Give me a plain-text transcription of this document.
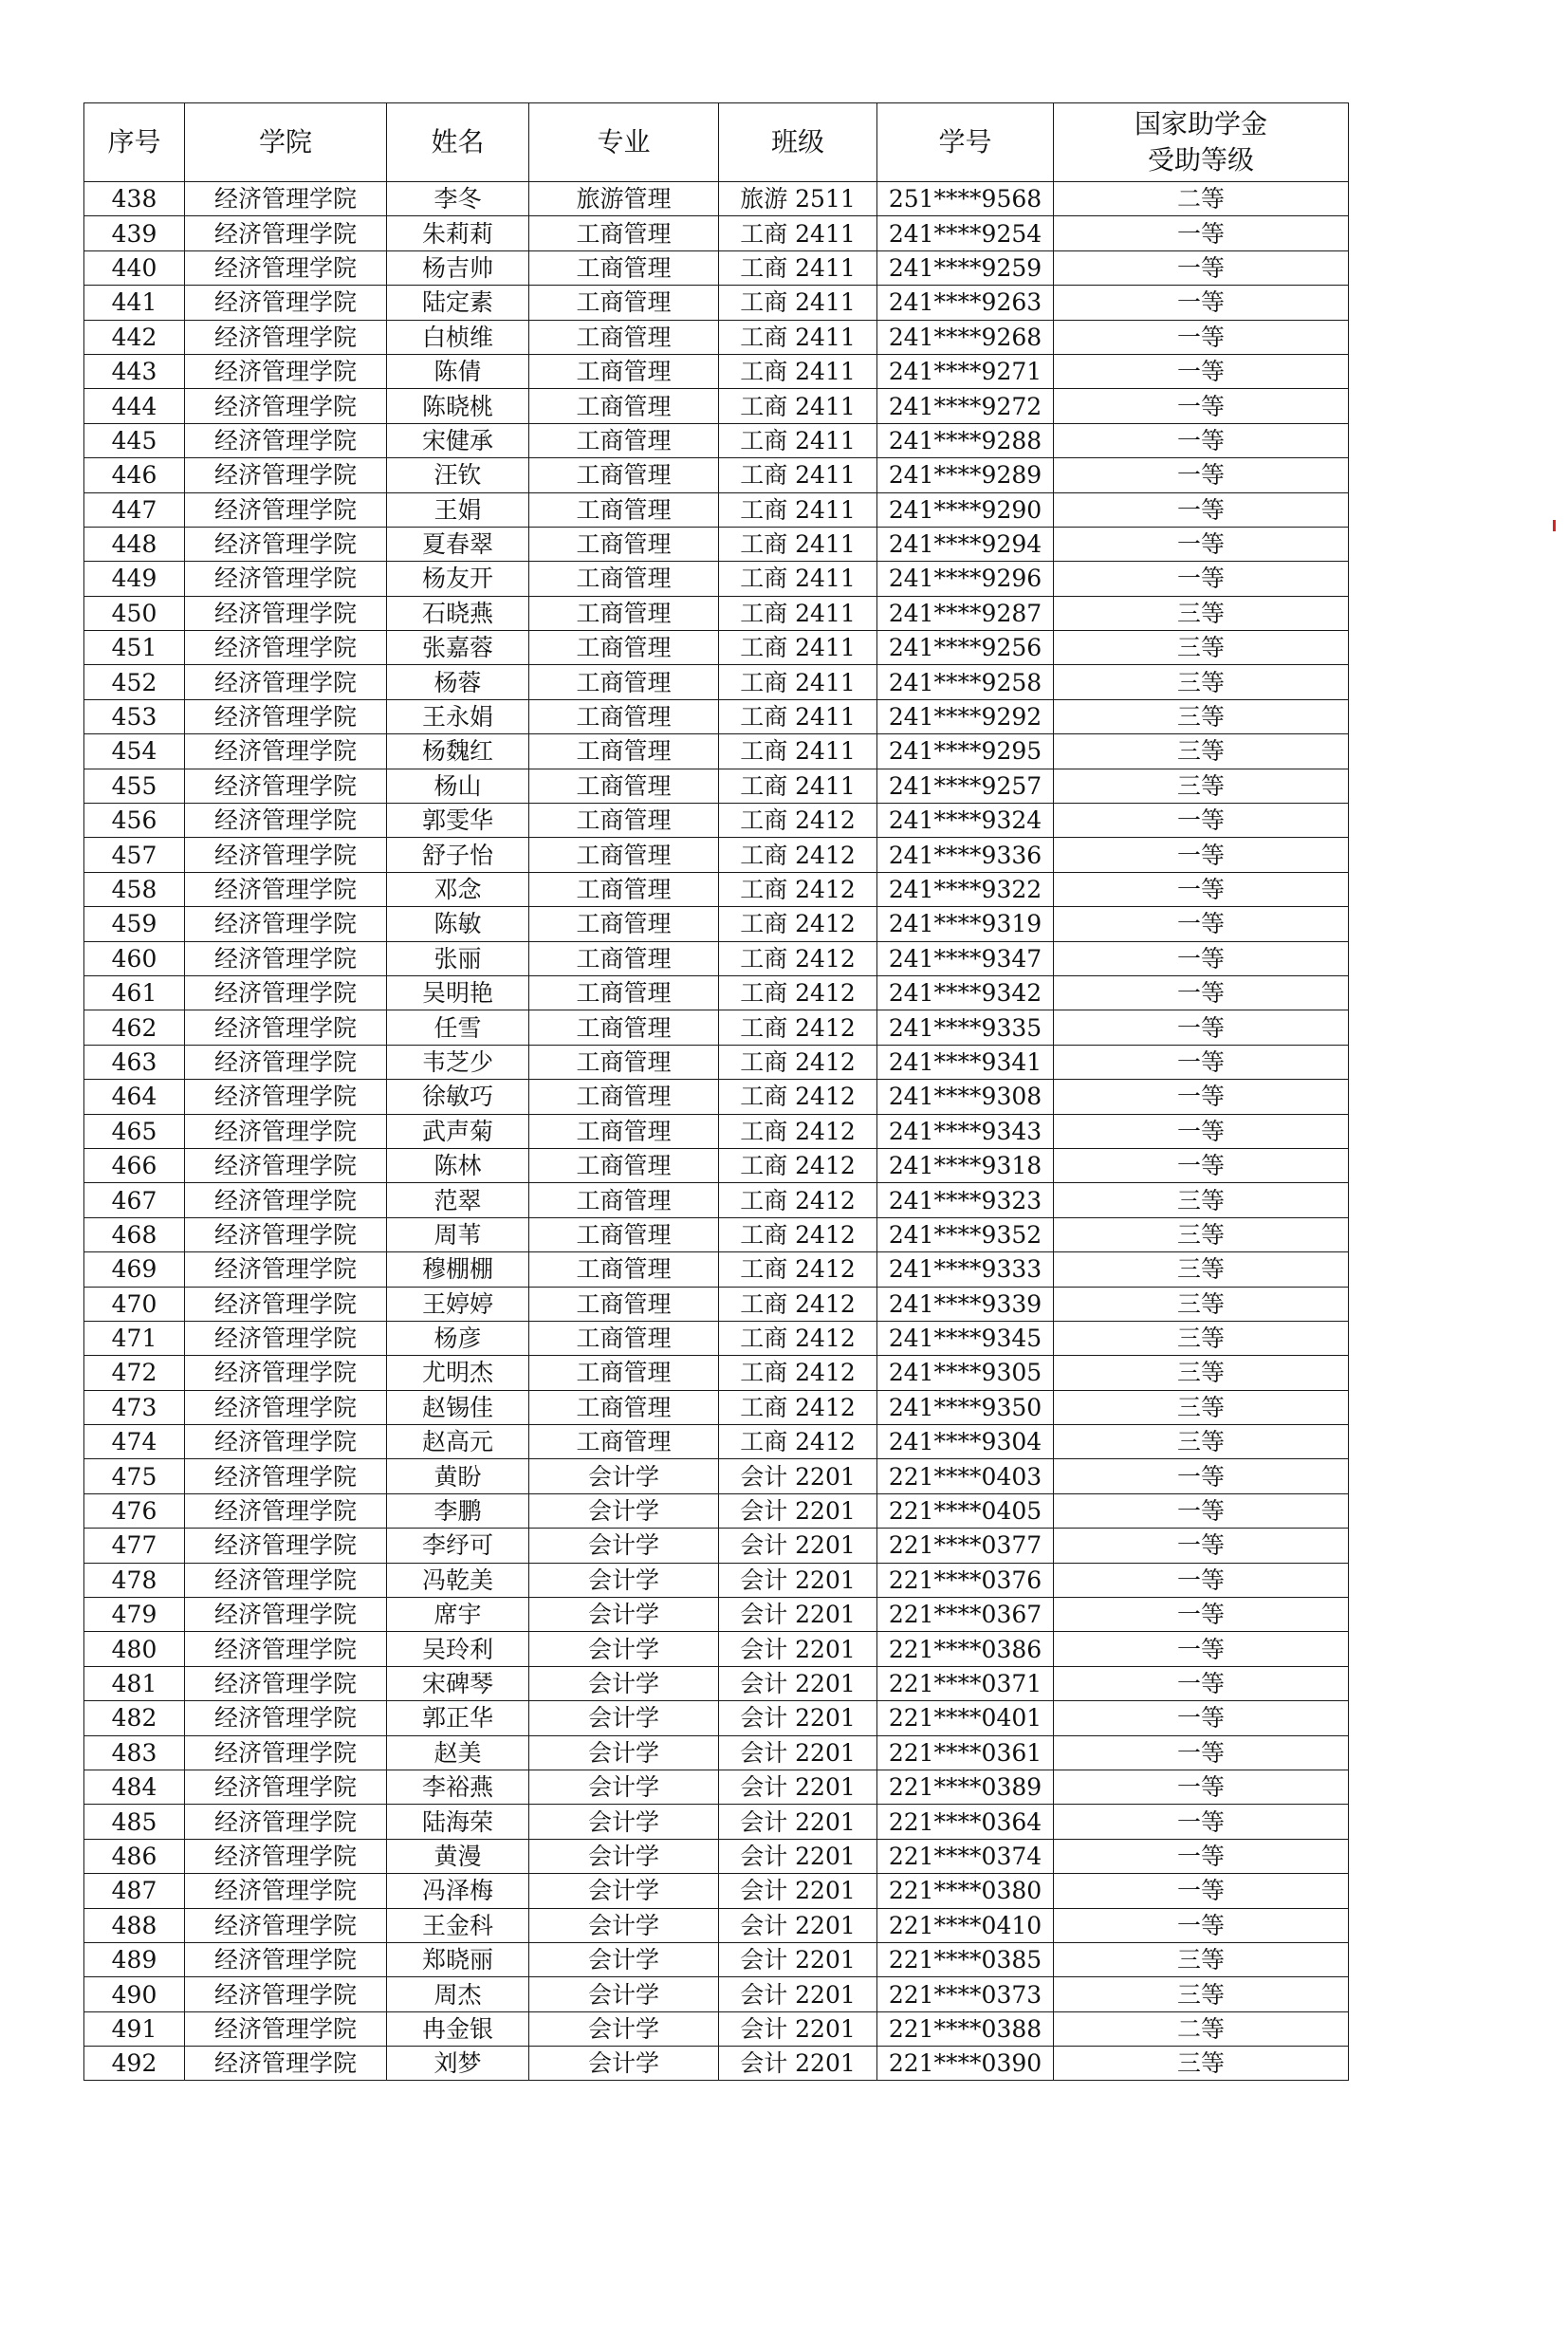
序号	学院	姓名	专业	班级	学号	国家助学金
受助等级

438	经济管理学院	李冬	旅游管理	旅游 2511	251****9568	二等
439	经济管理学院	朱莉莉	工商管理	工商 2411	241****9254	一等
440	经济管理学院	杨吉帅	工商管理	工商 2411	241****9259	一等
441	经济管理学院	陆定素	工商管理	工商 2411	241****9263	一等
442	经济管理学院	白桢维	工商管理	工商 2411	241****9268	一等
443	经济管理学院	陈倩	工商管理	工商 2411	241****9271	一等
444	经济管理学院	陈晓桃	工商管理	工商 2411	241****9272	一等
445	经济管理学院	宋健承	工商管理	工商 2411	241****9288	一等
446	经济管理学院	汪钦	工商管理	工商 2411	241****9289	一等
447	经济管理学院	王娟	工商管理	工商 2411	241****9290	一等
448	经济管理学院	夏春翠	工商管理	工商 2411	241****9294	一等
449	经济管理学院	杨友开	工商管理	工商 2411	241****9296	一等
450	经济管理学院	石晓燕	工商管理	工商 2411	241****9287	三等
451	经济管理学院	张嘉蓉	工商管理	工商 2411	241****9256	三等
452	经济管理学院	杨蓉	工商管理	工商 2411	241****9258	三等
453	经济管理学院	王永娟	工商管理	工商 2411	241****9292	三等
454	经济管理学院	杨魏红	工商管理	工商 2411	241****9295	三等
455	经济管理学院	杨山	工商管理	工商 2411	241****9257	三等
456	经济管理学院	郭雯华	工商管理	工商 2412	241****9324	一等
457	经济管理学院	舒子怡	工商管理	工商 2412	241****9336	一等
458	经济管理学院	邓念	工商管理	工商 2412	241****9322	一等
459	经济管理学院	陈敏	工商管理	工商 2412	241****9319	一等
460	经济管理学院	张丽	工商管理	工商 2412	241****9347	一等
461	经济管理学院	吴明艳	工商管理	工商 2412	241****9342	一等
462	经济管理学院	任雪	工商管理	工商 2412	241****9335	一等
463	经济管理学院	韦芝少	工商管理	工商 2412	241****9341	一等
464	经济管理学院	徐敏巧	工商管理	工商 2412	241****9308	一等
465	经济管理学院	武声菊	工商管理	工商 2412	241****9343	一等
466	经济管理学院	陈林	工商管理	工商 2412	241****9318	一等
467	经济管理学院	范翠	工商管理	工商 2412	241****9323	三等
468	经济管理学院	周苇	工商管理	工商 2412	241****9352	三等
469	经济管理学院	穆棚棚	工商管理	工商 2412	241****9333	三等
470	经济管理学院	王婷婷	工商管理	工商 2412	241****9339	三等
471	经济管理学院	杨彦	工商管理	工商 2412	241****9345	三等
472	经济管理学院	尤明杰	工商管理	工商 2412	241****9305	三等
473	经济管理学院	赵锡佳	工商管理	工商 2412	241****9350	三等
474	经济管理学院	赵高元	工商管理	工商 2412	241****9304	三等
475	经济管理学院	黄盼	会计学	会计 2201	221****0403	一等
476	经济管理学院	李鹏	会计学	会计 2201	221****0405	一等
477	经济管理学院	李纾可	会计学	会计 2201	221****0377	一等
478	经济管理学院	冯乾美	会计学	会计 2201	221****0376	一等
479	经济管理学院	席宇	会计学	会计 2201	221****0367	一等
480	经济管理学院	吴玲利	会计学	会计 2201	221****0386	一等
481	经济管理学院	宋碑琴	会计学	会计 2201	221****0371	一等
482	经济管理学院	郭正华	会计学	会计 2201	221****0401	一等
483	经济管理学院	赵美	会计学	会计 2201	221****0361	一等
484	经济管理学院	李裕燕	会计学	会计 2201	221****0389	一等
485	经济管理学院	陆海荣	会计学	会计 2201	221****0364	一等
486	经济管理学院	黄漫	会计学	会计 2201	221****0374	一等
487	经济管理学院	冯泽梅	会计学	会计 2201	221****0380	一等
488	经济管理学院	王金科	会计学	会计 2201	221****0410	一等
489	经济管理学院	郑晓丽	会计学	会计 2201	221****0385	三等
490	经济管理学院	周杰	会计学	会计 2201	221****0373	三等
491	经济管理学院	冉金银	会计学	会计 2201	221****0388	二等
492	经济管理学院	刘梦	会计学	会计 2201	221****0390	三等
